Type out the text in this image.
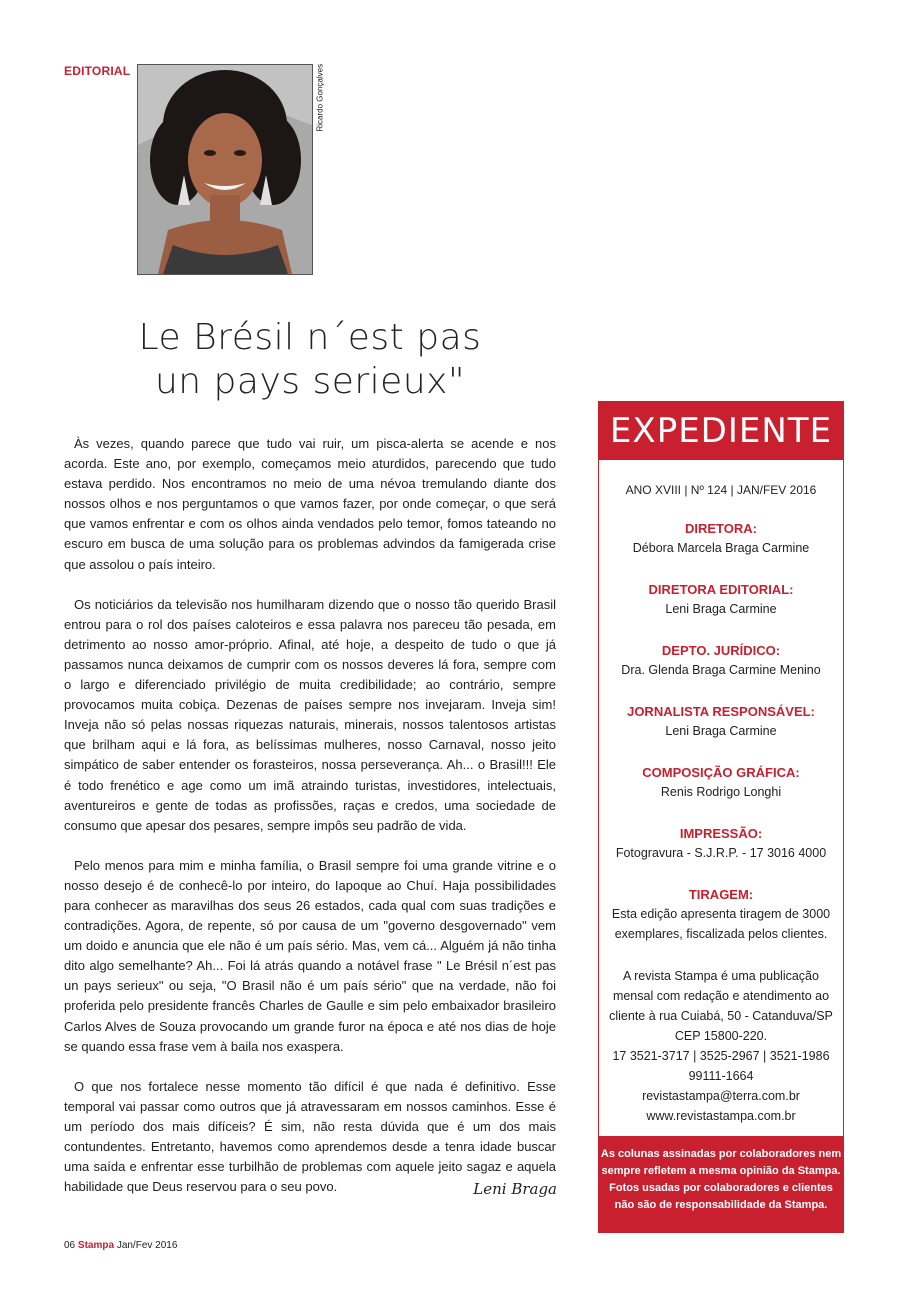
EDITORIAL	Ricardo Gonçalves
Le Brésil n´est pas
un pays serieux"

Às vezes, quando parece que tudo vai ruir, um pisca-alerta se acende e nos acorda. Este ano, por exemplo, começamos meio aturdidos, parecendo que tudo estava perdido. Nos encontramos no meio de uma névoa tremulando diante dos nossos olhos e nos perguntamos o que vamos fazer, por onde começar, o que será que vamos enfrentar e com os olhos ainda vendados pelo temor, fomos tateando no escuro em busca de uma solução para os problemas advindos da famigerada crise que assolou o país inteiro.

Os noticiários da televisão nos humilharam dizendo que o nosso tão querido Brasil entrou para o rol dos países caloteiros e essa palavra nos pareceu tão pesada, em detrimento ao nosso amor-próprio. Afinal, até hoje, a despeito de tudo o que já passamos nunca deixamos de cumprir com os nossos deveres lá fora, sempre com o largo e diferenciado privilégio de muita credibilidade; ao contrário, sempre provocamos muita cobiça. Dezenas de países sempre nos invejaram. Inveja sim! Inveja não só pelas nossas riquezas naturais, minerais, nossos talentosos artistas que brilham aqui e lá fora, as belíssimas mulheres, nosso Carnaval, nosso jeito simpático de saber entender os forasteiros, nossa perseverança. Ah... o Brasil!!! Ele é todo frenético e age como um imã atraindo turistas, investidores, intelectuais, aventureiros e gente de todas as profissões, raças e credos, uma sociedade de consumo que apesar dos pesares, sempre impôs seu padrão de vida.

Pelo menos para mim e minha família, o Brasil sempre foi uma grande vitrine e o nosso desejo é de conhecê-lo por inteiro, do Iapoque ao Chuí. Haja possibilidades para conhecer as maravilhas dos seus 26 estados, cada qual com suas tradições e contradições. Agora, de repente, só por causa de um "governo desgovernado" vem um doido e anuncia que ele não é um país sério. Mas, vem cá... Alguém já não tinha dito algo semelhante? Ah... Foi lá atrás quando a notável frase " Le Brésil n´est pas un pays serieux" ou seja, "O Brasil não é um país sério" que na verdade, não foi proferida pelo presidente francês Charles de Gaulle e sim pelo embaixador brasileiro Carlos Alves de Souza provocando um grande furor na época e até nos dias de hoje se quando essa frase vem à baila nos exaspera.

O que nos fortalece nesse momento tão difícil é que nada é definitivo. Esse temporal vai passar como outros que já atravessaram em nossos caminhos. Esse é um período dos mais difíceis? É sim, não resta dúvida que é um dos mais contundentes. Entretanto, havemos como aprendemos desde a tenra idade buscar uma saída e enfrentar esse turbilhão de problemas com aquele jeito sagaz e aquela habilidade que Deus reservou para o seu povo.	Leni Braga
06 Stampa Jan/Fev 2016
EXPEDIENTE
ANO XVIII | Nº 124 | JAN/FEV 2016
DIRETORA:
Débora Marcela Braga Carmine
DIRETORA EDITORIAL:
Leni Braga Carmine
DEPTO. JURÍDICO:
Dra. Glenda Braga Carmine Menino
JORNALISTA RESPONSÁVEL:
Leni Braga Carmine
COMPOSIÇÃO GRÁFICA:
Renis Rodrigo Longhi
IMPRESSÃO:
Fotogravura - S.J.R.P. - 17 3016 4000
TIRAGEM:
Esta edição apresenta tiragem de 3000 exemplares, fiscalizada pelos clientes.
A revista Stampa é uma publicação mensal com redação e atendimento ao cliente à rua Cuiabá, 50 - Catanduva/SP
CEP 15800-220.
17 3521-3717 | 3525-2967 | 3521-1986
99111-1664
revistastampa@terra.com.br
www.revistastampa.com.br
As colunas assinadas por colaboradores nem sempre refletem a mesma opinião da Stampa. Fotos usadas por colaboradores e clientes não são de responsabilidade da Stampa.
